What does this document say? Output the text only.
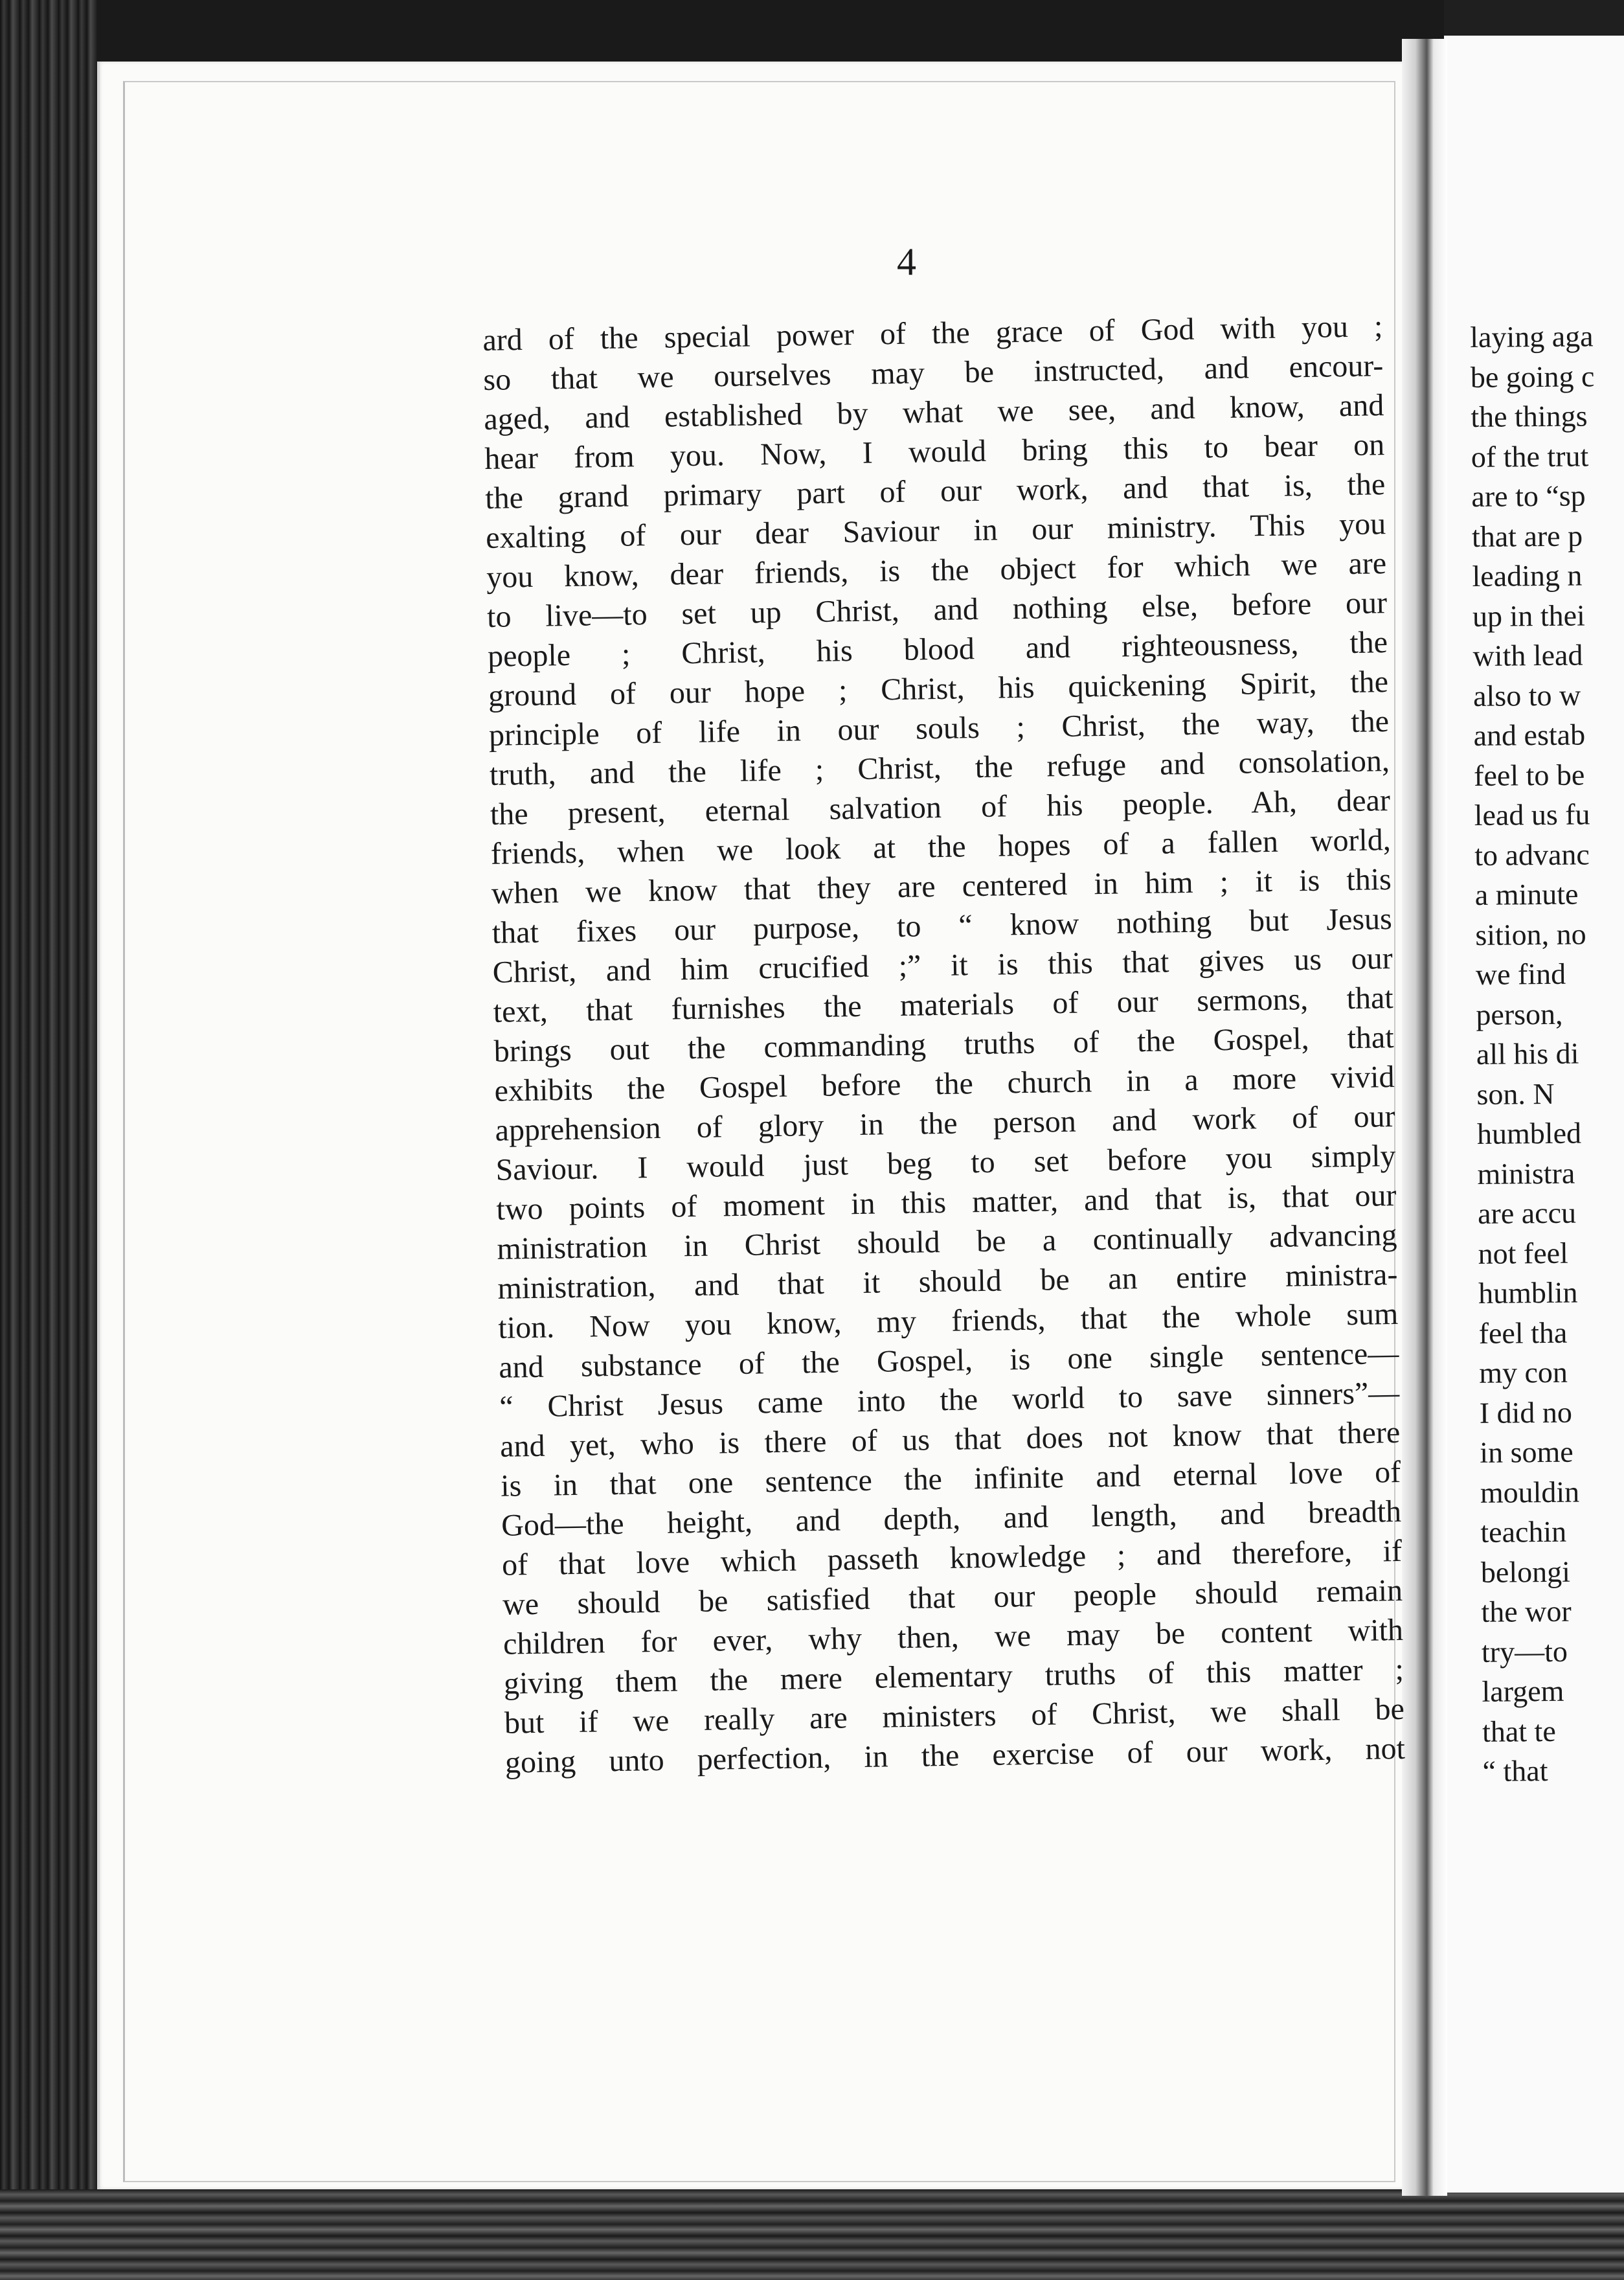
4
ard of the special power of the grace of God with you ;
so that we ourselves may be instructed, and encour-
aged, and established by what we see, and know, and
hear from you. Now, I would bring this to bear on
the grand primary part of our work, and that is, the
exalting of our dear Saviour in our ministry. This you
you know, dear friends, is the object for which we are
to live—to set up Christ, and nothing else, before our
people ; Christ, his blood and righteousness, the
ground of our hope ; Christ, his quickening Spirit, the
principle of life in our souls ; Christ, the way, the
truth, and the life ; Christ, the refuge and consolation,
the present, eternal salvation of his people. Ah, dear
friends, when we look at the hopes of a fallen world,
when we know that they are centered in him ; it is this
that fixes our purpose, to “ know nothing but Jesus
Christ, and him crucified ;” it is this that gives us our
text, that furnishes the materials of our sermons, that
brings out the commanding truths of the Gospel, that
exhibits the Gospel before the church in a more vivid
apprehension of glory in the person and work of our
Saviour. I would just beg to set before you simply
two points of moment in this matter, and that is, that our
ministration in Christ should be a continually advancing
ministration, and that it should be an entire ministra-
tion. Now you know, my friends, that the whole sum
and substance of the Gospel, is one single sentence—
“ Christ Jesus came into the world to save sinners”—
and yet, who is there of us that does not know that there
is in that one sentence the infinite and eternal love of
God—the height, and depth, and length, and breadth
of that love which passeth knowledge ; and therefore, if
we should be satisfied that our people should remain
children for ever, why then, we may be content with
giving them the mere elementary truths of this matter ;
but if we really are ministers of Christ, we shall be
going unto perfection, in the exercise of our work, not
laying aga
be going c
the things
of the trut
are to “sp
that are p
leading n
up in thei
with lead
also to w
and estab
feel to be
lead us fu
to advanc
a minute
sition, no
we find
person,
all his di
son. N
humbled
ministra
are accu
not feel
humblin
feel tha
my con
I did no
in some
mouldin
teachin
belongi
the wor
try—to
largem
that te
“ that
